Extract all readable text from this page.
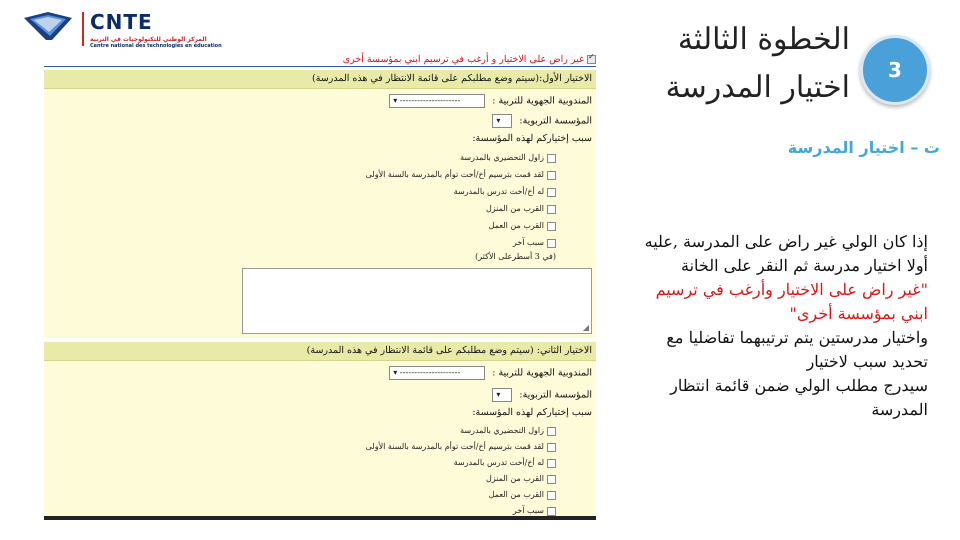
CNTE
المركز الوطني للتكنولوجيات في التربية
Centre national des technologies en éducation
✓غير راض على الاختيار و أرغب في ترسيم ابني بمؤسسة أخرى
الاختيار الأول:(سيتم وضع مطلبكم على قائمة الانتظار في هذه المدرسة)
المندوبية الجهوية للتربية : --------------------- ▾
المؤسسة التربوية: ▾
سبب إختياركم لهذه المؤسسة:
زاول التحضيري بالمدرسة
لقد قمت بترسيم أخ/أخت توأم بالمدرسة بالسنة الأولى
له أخ/أخت تدرس بالمدرسة
القرب من المنزل
القرب من العمل
سبب آخر
(في 3 أسطرعلى الأكثر)
◢
الاختيار الثاني: (سيتم وضع مطلبكم على قائمة الانتظار في هذه المدرسة)
المندوبية الجهوية للتربية : --------------------- ▾
المؤسسة التربوية: ▾
سبب إختياركم لهذه المؤسسة:
زاول التحضيري بالمدرسة
لقد قمت بترسيم أخ/أخت توأم بالمدرسة بالسنة الأولى
له أخ/أخت تدرس بالمدرسة
القرب من المنزل
القرب من العمل
سبب آخر
3
الخطوة الثالثة
اختيار المدرسة
ت – اختيار المدرسة
إذا كان الولي غير راض على المدرسة ,عليه
أولا اختيار مدرسة ثم النقر على الخانة
"غير راض على الاختيار وأرغب في ترسيم
ابني بمؤسسة أخرى"
واختيار مدرستين يتم ترتيبهما تفاضليا مع
تحديد سبب لاختيار
سيدرج مطلب الولي ضمن قائمة انتظار
المدرسة
